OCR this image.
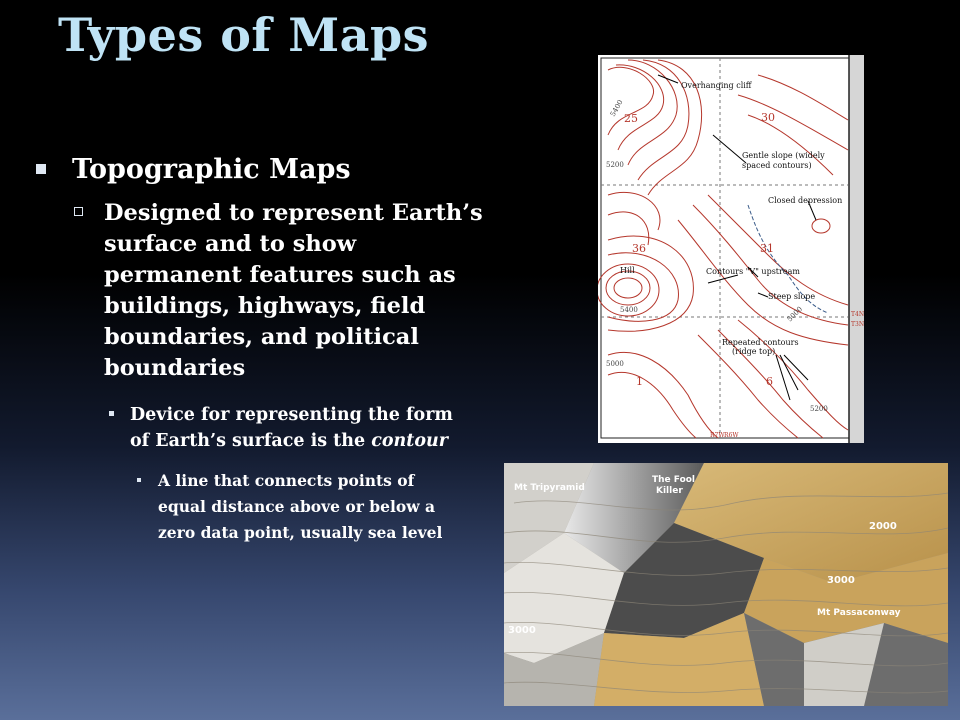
Types of Maps
Topographic Maps
Designed to represent Earth’s surface and to show permanent features such as buildings, highways, field boundaries, and political boundaries
Device for representing the form of Earth’s surface is the contour
A line that connects points of equal distance above or below a zero data point, usually sea level
Overhanging cliff
Gentle slope (widely
spaced contours)
Closed depression
Hill	Contours "V" upstream
Steep slope
Repeated contours
(ridge top)
25	30
36	31
1	6
5400
5200
5400
5000
5200
5000	T4N
T3N
R7W R6W
Mt Tripyramid
The Fool
Killer
2000
3000
Mt Passaconway
3000
